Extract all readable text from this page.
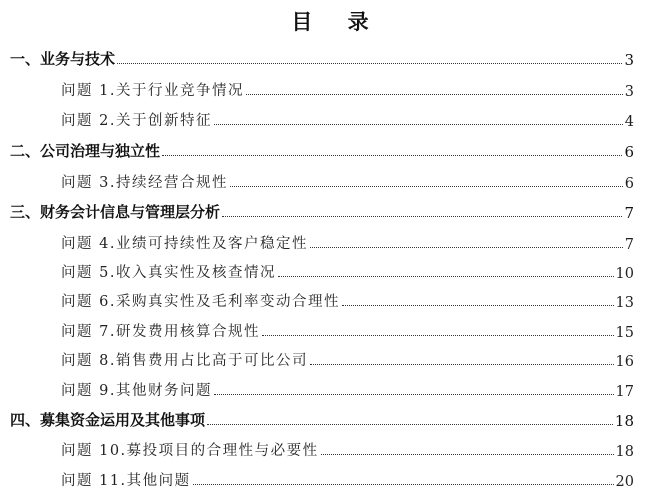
目 录
一、业务与技术	3
问题 1.关于行业竞争情况	3
问题 2.关于创新特征	4
二、公司治理与独立性	6
问题 3.持续经营合规性	6
三、财务会计信息与管理层分析	7
问题 4.业绩可持续性及客户稳定性	7
问题 5.收入真实性及核查情况	10
问题 6.采购真实性及毛利率变动合理性	13
问题 7.研发费用核算合规性	15
问题 8.销售费用占比高于可比公司	16
问题 9.其他财务问题	17
四、募集资金运用及其他事项	18
问题 10.募投项目的合理性与必要性	18
问题 11.其他问题	20
